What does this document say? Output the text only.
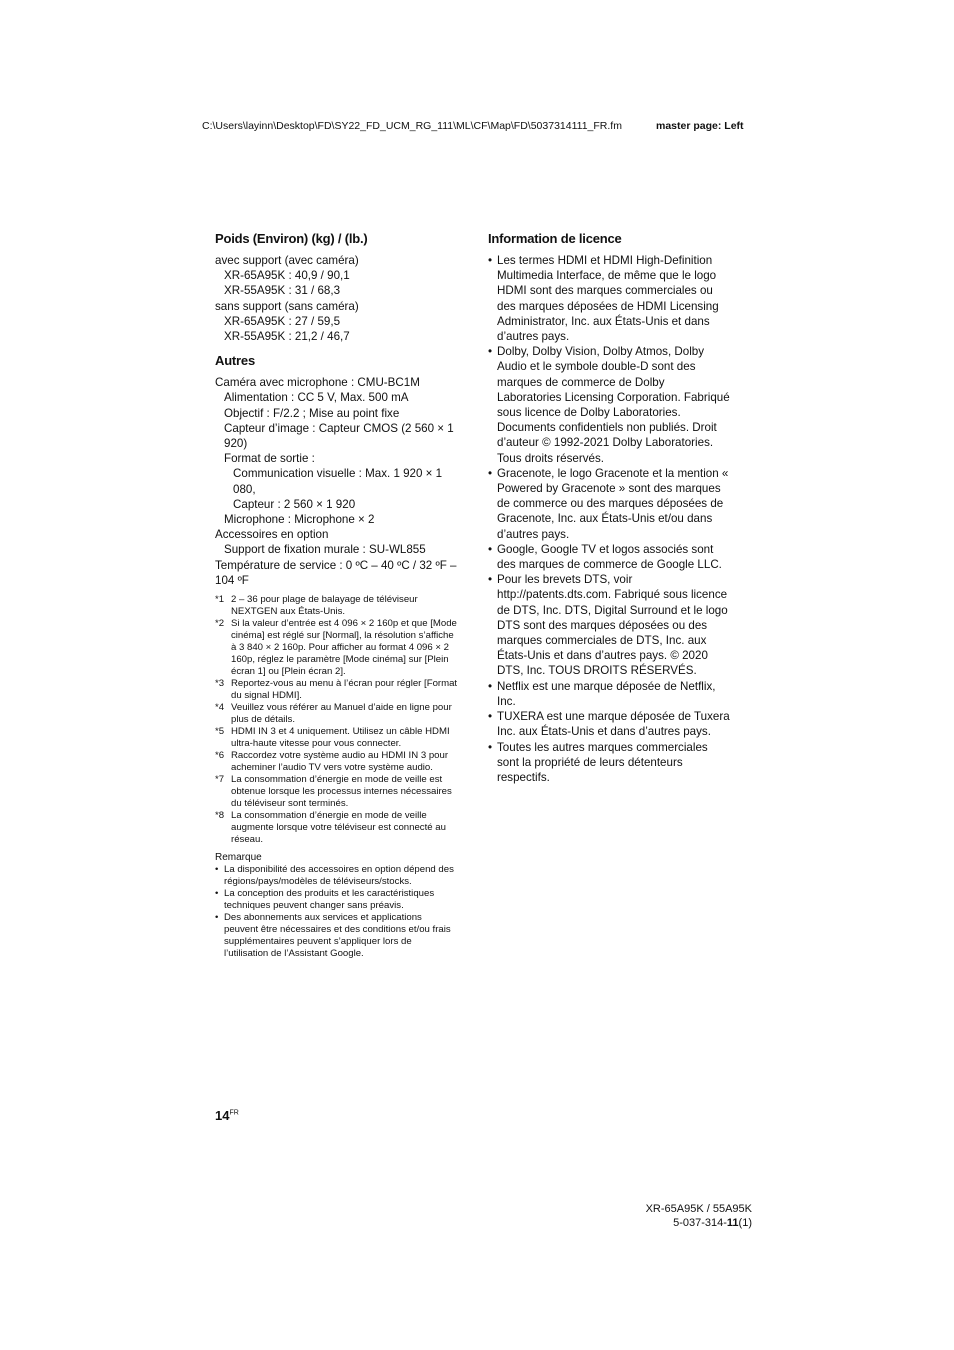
C:\Users\layinn\Desktop\FD\SY22_FD_UCM_RG_111\ML\CF\Map\FD\5037314111_FR.fm	master page: Left
Poids (Environ) (kg) / (lb.)
avec support (avec caméra)
XR-65A95K : 40,9 / 90,1
XR-55A95K : 31 / 68,3
sans support (sans caméra)
XR-65A95K : 27 / 59,5
XR-55A95K : 21,2 / 46,7
Autres
Caméra avec microphone : CMU-BC1M
Alimentation : CC 5 V, Max. 500 mA
Objectif : F/2.2 ; Mise au point fixe
Capteur d’image : Capteur CMOS (2 560 × 1 920)
Format de sortie :
Communication visuelle : Max. 1 920 × 1 080,
Capteur : 2 560 × 1 920
Microphone : Microphone × 2
Accessoires en option
Support de fixation murale : SU-WL855
Température de service : 0 ºC – 40 ºC / 32 ºF – 104 ºF
*1 2 – 36 pour plage de balayage de téléviseur NEXTGEN aux États-Unis.
*2 Si la valeur d’entrée est 4 096 × 2 160p et que [Mode cinéma] est réglé sur [Normal], la résolution s’affiche à 3 840 × 2 160p. Pour afficher au format 4 096 × 2 160p, réglez le paramètre [Mode cinéma] sur [Plein écran 1] ou [Plein écran 2].
*3 Reportez-vous au menu à l’écran pour régler [Format du signal HDMI].
*4 Veuillez vous référer au Manuel d’aide en ligne pour plus de détails.
*5 HDMI IN 3 et 4 uniquement. Utilisez un câble HDMI ultra-haute vitesse pour vous connecter.
*6 Raccordez votre système audio au HDMI IN 3 pour acheminer l’audio TV vers votre système audio.
*7 La consommation d’énergie en mode de veille est obtenue lorsque les processus internes nécessaires du téléviseur sont terminés.
*8 La consommation d’énergie en mode de veille augmente lorsque votre téléviseur est connecté au réseau.
Remarque
• La disponibilité des accessoires en option dépend des régions/pays/modèles de téléviseurs/stocks.
• La conception des produits et les caractéristiques techniques peuvent changer sans préavis.
• Des abonnements aux services et applications peuvent être nécessaires et des conditions et/ou frais supplémentaires peuvent s’appliquer lors de l’utilisation de l’Assistant Google.
Information de licence
• Les termes HDMI et HDMI High-Definition Multimedia Interface, de même que le logo HDMI sont des marques commerciales ou des marques déposées de HDMI Licensing Administrator, Inc. aux États-Unis et dans d’autres pays.
• Dolby, Dolby Vision, Dolby Atmos, Dolby Audio et le symbole double-D sont des marques de commerce de Dolby Laboratories Licensing Corporation. Fabriqué sous licence de Dolby Laboratories. Documents confidentiels non publiés. Droit d’auteur © 1992-2021 Dolby Laboratories. Tous droits réservés.
• Gracenote, le logo Gracenote et la mention « Powered by Gracenote » sont des marques de commerce ou des marques déposées de Gracenote, Inc. aux États-Unis et/ou dans d’autres pays.
• Google, Google TV et logos associés sont des marques de commerce de Google LLC.
• Pour les brevets DTS, voir http://patents.dts.com. Fabriqué sous licence de DTS, Inc. DTS, Digital Surround et le logo DTS sont des marques déposées ou des marques commerciales de DTS, Inc. aux États-Unis et dans d’autres pays. © 2020 DTS, Inc. TOUS DROITS RÉSERVÉS.
• Netflix est une marque déposée de Netflix, Inc.
• TUXERA est une marque déposée de Tuxera Inc. aux États-Unis et dans d’autres pays.
• Toutes les autres marques commerciales sont la propriété de leurs détenteurs respectifs.
$14^{FR}$
XR-65A95K / 55A95K
5-037-314-11(1)
